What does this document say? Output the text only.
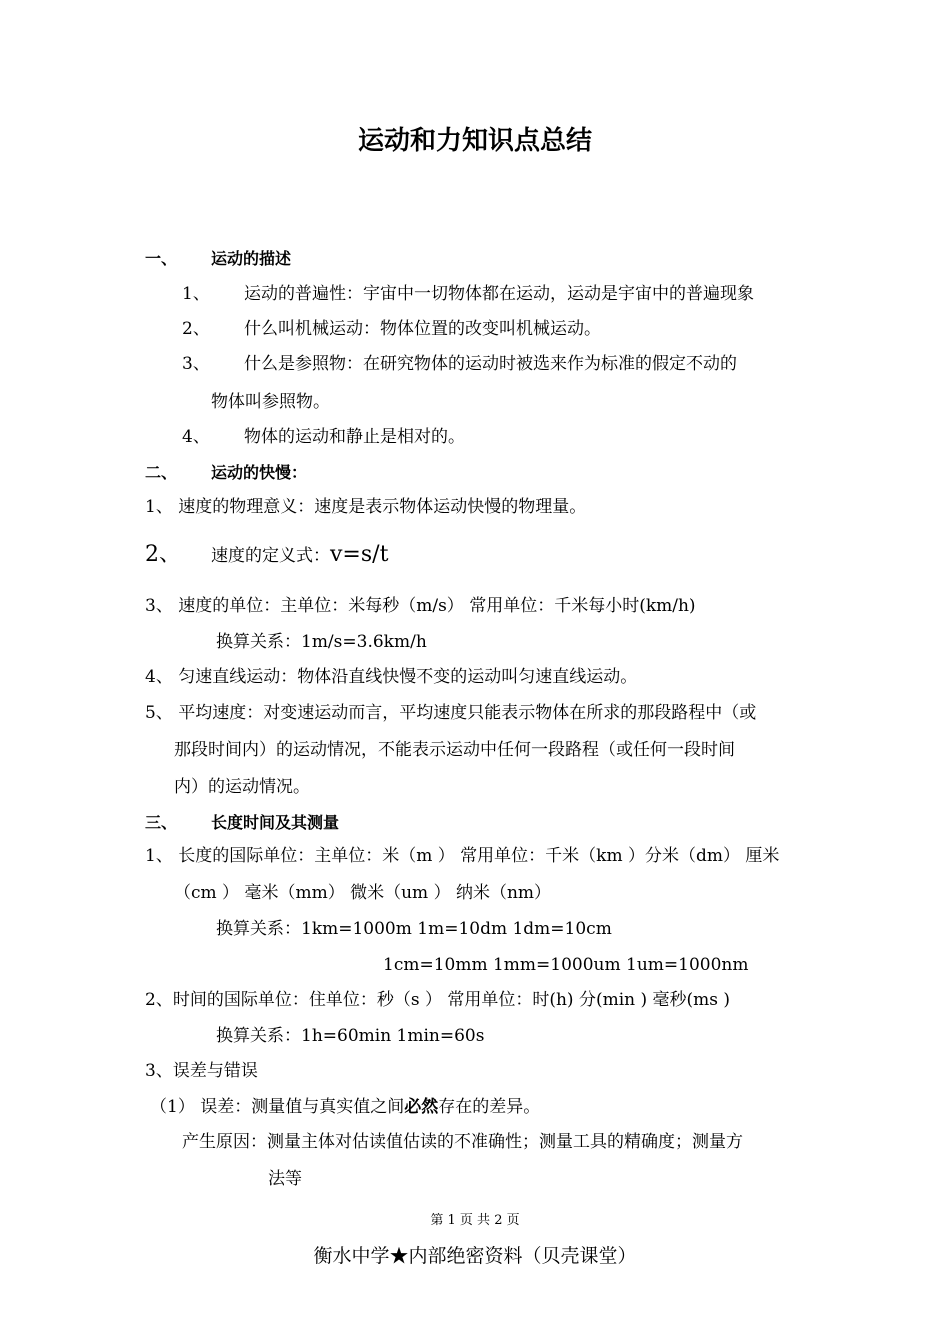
运动和力知识点总结
一、 运动的描述
1、 运动的普遍性：宇宙中一切物体都在运动，运动是宇宙中的普遍现象
2、 什么叫机械运动：物体位置的改变叫机械运动。
3、 什么是参照物：在研究物体的运动时被选来作为标准的假定不动的
物体叫参照物。
4、 物体的运动和静止是相对的。
二、 运动的快慢：
1、 速度的物理意义：速度是表示物体运动快慢的物理量。
2、 速度的定义式：v=s/t
3、 速度的单位：主单位：米每秒（m/s） 常用单位：千米每小时(km/h)
换算关系：1m/s=3.6km/h
4、 匀速直线运动：物体沿直线快慢不变的运动叫匀速直线运动。
5、 平均速度：对变速运动而言，平均速度只能表示物体在所求的那段路程中（或
那段时间内）的运动情况，不能表示运动中任何一段路程（或任何一段时间
内）的运动情况。
三、 长度时间及其测量
1、 长度的国际单位：主单位：米（m ） 常用单位：千米（km ）分米（dm） 厘米
（cm ） 毫米（mm） 微米（um ） 纳米（nm）
换算关系：1km=1000m 1m=10dm 1dm=10cm
1cm=10mm 1mm=1000um 1um=1000nm
2、时间的国际单位：住单位：秒（s ） 常用单位：时(h) 分(min ) 毫秒(ms )
换算关系：1h=60min 1min=60s
3、误差与错误
（1） 误差：测量值与真实值之间必然存在的差异。
产生原因：测量主体对估读值估读的不准确性；测量工具的精确度；测量方
法等
第 1 页 共 2 页
衡水中学★内部绝密资料（贝壳课堂）
